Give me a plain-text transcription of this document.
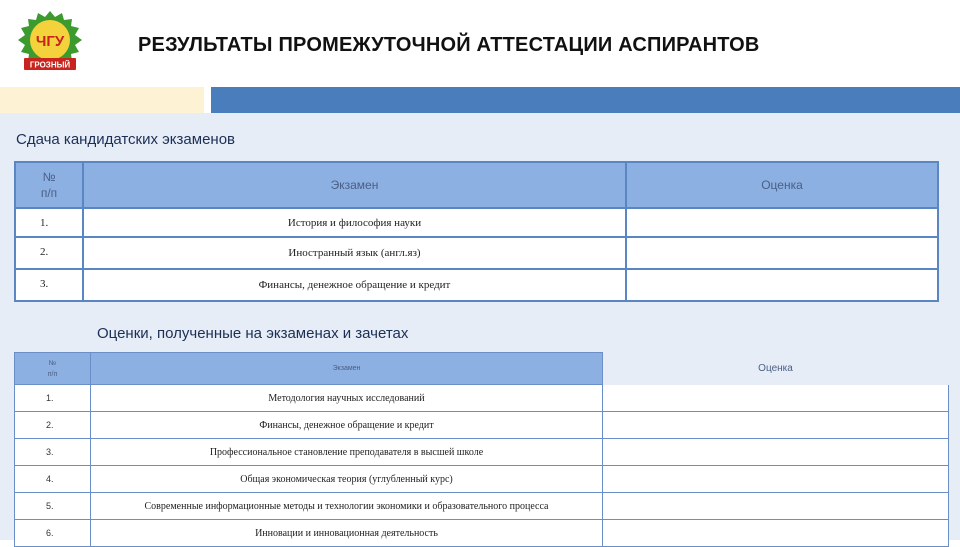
ЧГУ
ГРОЗНЫЙ
РЕЗУЛЬТАТЫ ПРОМЕЖУТОЧНОЙ АТТЕСТАЦИИ АСПИРАНТОВ
Сдача кандидатских экзаменов
№
п/п	Экзамен	Оценка
1.	История и философия науки	
2.	Иностранный язык (англ.яз)	
3.	Финансы, денежное обращение и кредит	
Оценки, полученные на экзаменах и зачетах
№
п/п	Экзамен	Оценка
1.	Методология научных исследований	
2.	Финансы, денежное обращение и кредит	
3.	Профессиональное становление преподавателя в высшей школе	
4.	Общая экономическая теория (углубленный курс)	
5.	Современные информационные методы и технологии экономики и образовательного процесса	
6.	Инновации и инновационная деятельность	
